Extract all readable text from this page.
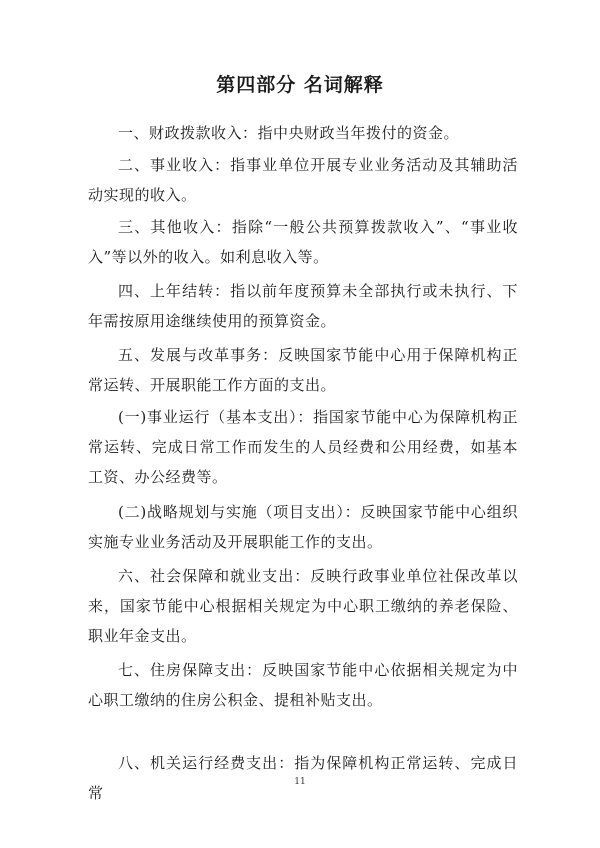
第四部分 名词解释
一、财政拨款收入：指中央财政当年拨付的资金。
二、事业收入：指事业单位开展专业业务活动及其辅助活动实现的收入。
三、其他收入：指除“一般公共预算拨款收入”、“事业收入”等以外的收入。如利息收入等。
四、上年结转：指以前年度预算未全部执行或未执行、下年需按原用途继续使用的预算资金。
五、发展与改革事务：反映国家节能中心用于保障机构正常运转、开展职能工作方面的支出。
(一)事业运行（基本支出）：指国家节能中心为保障机构正常运转、完成日常工作而发生的人员经费和公用经费，如基本工资、办公经费等。
(二)战略规划与实施（项目支出）：反映国家节能中心组织实施专业业务活动及开展职能工作的支出。
六、社会保障和就业支出：反映行政事业单位社保改革以来，国家节能中心根据相关规定为中心职工缴纳的养老保险、职业年金支出。
七、住房保障支出：反映国家节能中心依据相关规定为中心职工缴纳的住房公积金、提租补贴支出。
八、机关运行经费支出：指为保障机构正常运转、完成日常
11
